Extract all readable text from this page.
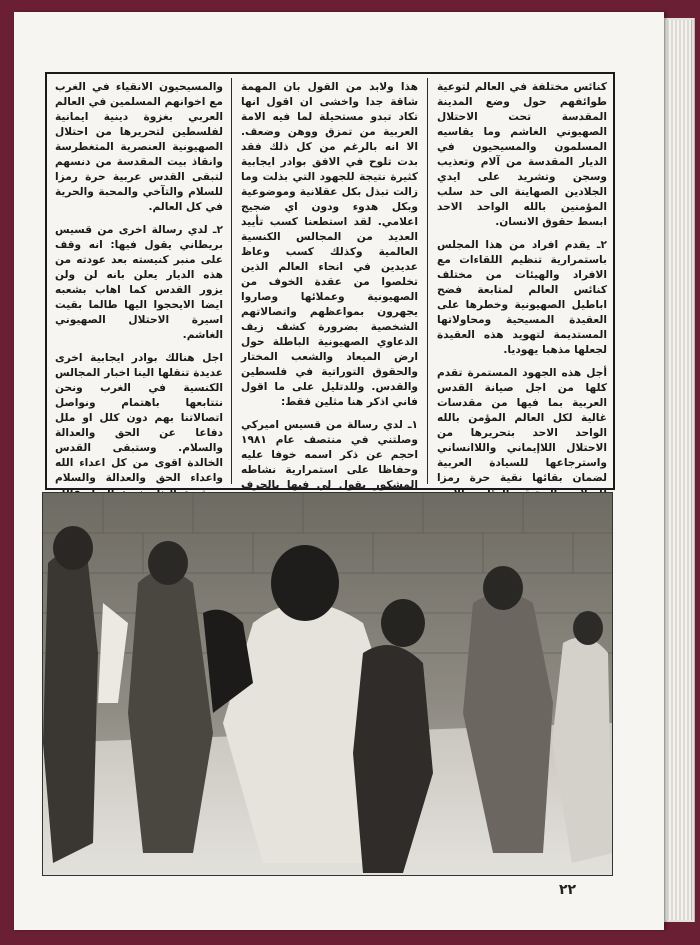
كنائس مختلفة في العالم لتوعية طوائفهم حول وضع المدينة المقدسة تحت الاحتلال الصهيوني الغاشم وما يقاسيه المسلمون والمسيحيون في الديار المقدسة من آلام وتعذيب وسجن وتشريد على ايدي الجلادين الصهاينة الى حد سلب المؤمنين بالله الواحد الاحد ابسط حقوق الانسان.

٢ـ يقدم افراد من هذا المجلس باستمرارية تنظيم اللقاءات مع الافراد والهيئات من مختلف كنائس العالم لمتابعة فضح اباطيل الصهيونية وخطرها على العقيدة المسيحية ومحاولاتها المستديمة لتهويد هذه العقيدة لجعلها مذهبا يهوديا.

أجل هذه الجهود المستمرة تقدم كلها من اجل صيانة القدس العربية بما فيها من مقدسات غالية لكل العالم المؤمن بالله الواحد الاحد بتحريرها من الاحتلال اللاإيماني واللاانساني واسترجاعها للسيادة العربية لضمان بقائها نقية حرة رمزا

هذا ولابد من القول بان المهمة شاقة جدا واخشى ان اقول انها تكاد تبدو مستحيلة لما فيه الامة العربية من تمزق ووهن وضعف. الا انه بالرغم من كل ذلك فقد بدت تلوح في الافق بوادر ايجابية كثيرة نتيجة للجهود التي بذلت وما زالت تبذل بكل عقلانية وموضوعية وبكل هدوء ودون اي ضجيج اعلامي. لقد استطعنا كسب تأييد العديد من المجالس الكنسية العالمية وكذلك كسب وعاظ عديدين في انحاء العالم الذين تخلصوا من عقدة الخوف من الصهيونية وعملائها وصاروا يجهرون بمواعظهم واتصالاتهم الشخصية بضرورة كشف زيف الدعاوي الصهيونية الباطلة حول ارض الميعاد والشعب المختار والحقوق التوراتية في فلسطين والقدس. وللدتليل على ما اقول فاني اذكر هنا مثلين فقط:

١ـ لدي رسالة من قسيس اميركي وصلتني في منتصف عام ١٩٨١ احجم عن ذكر اسمه خوفا عليه وحفاظا على استمرارية نشاطه المشكور يقول لي فيها بالحرف

والمسيحيون الانقياء في الغرب مع اخوانهم المسلمين في العالم العربي بغزوة دينية ايمانية لفلسطين لتحريرها من احتلال الصهيونية العنصرية المتغطرسة وانقاذ بيت المقدسة من دنسهم لتبقى القدس عربية حرة رمزا للسلام والتآخي والمحبة والحرية في كل العالم.

٢ـ لدي رسالة اخرى من قسيس بريطاني يقول فيها: انه وقف على منبر كنيسته بعد عودته من هذه الديار يعلن بانه لن ولن يزور القدس كما اهاب بشعبه ايضا الايحجوا اليها طالما بقيت اسيرة الاحتلال الصهيوني الغاشم.

اجل هنالك بوادر ايجابية اخرى عديدة تنقلها الينا اخبار المجالس الكنسية في الغرب ونحن نتتابعها باهتمام ونواصل اتصالاتنا بهم دون كلل او ملل دفاعا عن الحق والعدالة والسلام. وستبقى القدس الخالدة اقوى من كل اعداء الله واعداء الحق والعدالة والسلام

٢٢
